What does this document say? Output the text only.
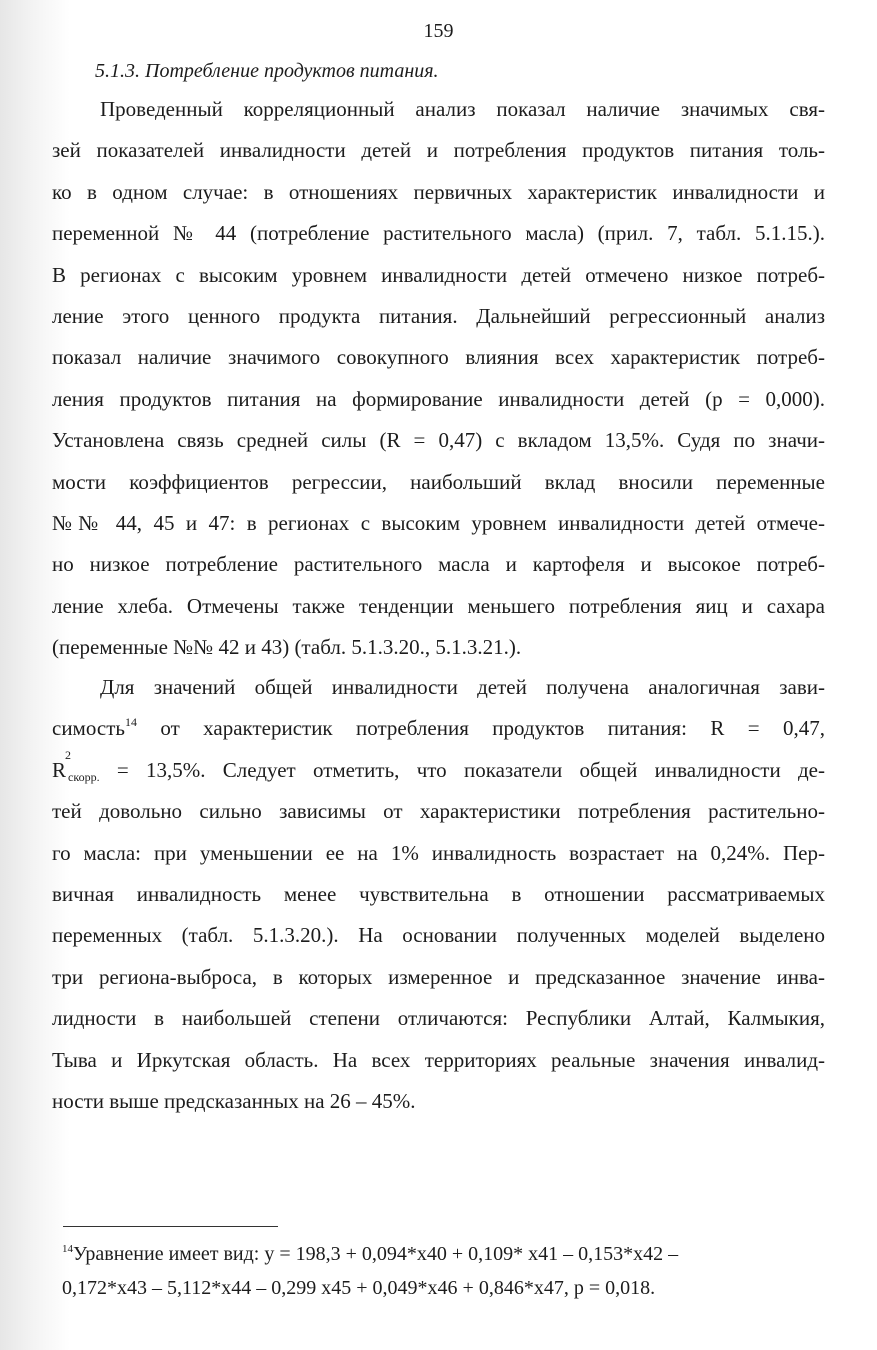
159
5.1.3. Потребление продуктов питания.
Проведенный корреляционный анализ показал наличие значимых свя-
зей показателей инвалидности детей и потребления продуктов питания толь-
ко в одном случае: в отношениях первичных характеристик инвалидности и
переменной № 44 (потребление растительного масла) (прил. 7, табл. 5.1.15.).
В регионах с высоким уровнем инвалидности детей отмечено низкое потреб-
ление этого ценного продукта питания. Дальнейший регрессионный анализ
показал наличие значимого совокупного влияния всех характеристик потреб-
ления продуктов питания на формирование инвалидности детей (р = 0,000).
Установлена связь средней силы (R = 0,47) с вкладом 13,5%. Судя по значи-
мости коэффициентов регрессии, наибольший вклад вносили переменные
№№ 44, 45 и 47: в регионах с высоким уровнем инвалидности детей отмече-
но низкое потребление растительного масла и картофеля и высокое потреб-
ление хлеба. Отмечены также тенденции меньшего потребления яиц и сахара
(переменные №№ 42 и 43) (табл. 5.1.3.20., 5.1.3.21.).
Для значений общей инвалидности детей получена аналогичная зави-
симость$^{14}$ от характеристик потребления продуктов питания: R = 0,47,
R
2
$_{скорр.}$ = 13,5%. Следует отметить, что показатели общей инвалидности де-
тей довольно сильно зависимы от характеристики потребления растительно-
го масла: при уменьшении ее на 1% инвалидность возрастает на 0,24%. Пер-
вичная инвалидность менее чувствительна в отношении рассматриваемых
переменных (табл. 5.1.3.20.). На основании полученных моделей выделено
три региона-выброса, в которых измеренное и предсказанное значение инва-
лидности в наибольшей степени отличаются: Республики Алтай, Калмыкия,
Тыва и Иркутская область. На всех территориях реальные значения инвалид-
ности выше предсказанных на 26 – 45%.
$^{14}$Уравнение имеет вид: у = 198,3 + 0,094*х40 + 0,109* х41 – 0,153*х42 –
0,172*х43 – 5,112*х44 – 0,299 х45 + 0,049*х46 + 0,846*х47, р = 0,018.
